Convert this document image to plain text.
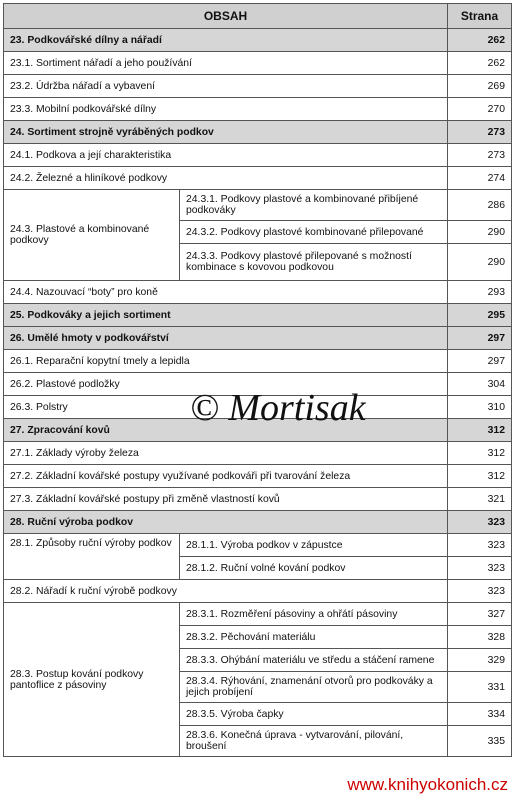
OBSAH		Strana
23. Podkovářské dílny a nářadí		262
23.1. Sortiment nářadí a jeho používání		262
23.2. Údržba nářadí a vybavení		269
23.3. Mobilní podkovářské dílny		270
24. Sortiment strojně vyráběných podkov		273
24.1. Podkova a její charakteristika		273
24.2. Železné a hliníkové podkovy		274
24.3. Plastové a kombinované podkovy	24.3.1. Podkovy plastové a kombinované přibíjené podkováky	286
	24.3.2. Podkovy plastové kombinované přilepované	290
	24.3.3. Podkovy plastové přilepované s možností kombinace s kovovou podkovou	290
24.4. Nazouvací “boty” pro koně		293
25. Podkováky a jejich sortiment		295
26. Umělé hmoty v podkovářství		297
26.1. Reparační kopytní tmely a lepidla		297
26.2. Plastové podložky		304
26.3. Polstry		310
27. Zpracování kovů		312
27.1. Základy výroby železa		312
27.2. Základní kovářské postupy využívané podkováři při tvarování železa		312
27.3. Základní kovářské postupy při změně vlastností kovů		321
28. Ruční výroba podkov		323
28.1. Způsoby ruční výroby podkov	28.1.1. Výroba podkov v zápustce	323
	28.1.2. Ruční volné kování podkov	323
28.2. Nářadí k ruční výrobě podkovy		323
28.3. Postup kování podkovy pantoflice z pásoviny	28.3.1. Rozměření pásoviny a ohřátí pásoviny	327
	28.3.2. Pěchování materiálu	328
	28.3.3. Ohýbání materiálu ve středu a stáčení ramene	329
	28.3.4. Rýhování, znamenání otvorů pro podkováky a jejich probíjení	331
	28.3.5. Výroba čapky	334
	28.3.6. Konečná úprava - vytvarování, pilování, broušení	335
© Mortisak
www.knihyokonich.cz
